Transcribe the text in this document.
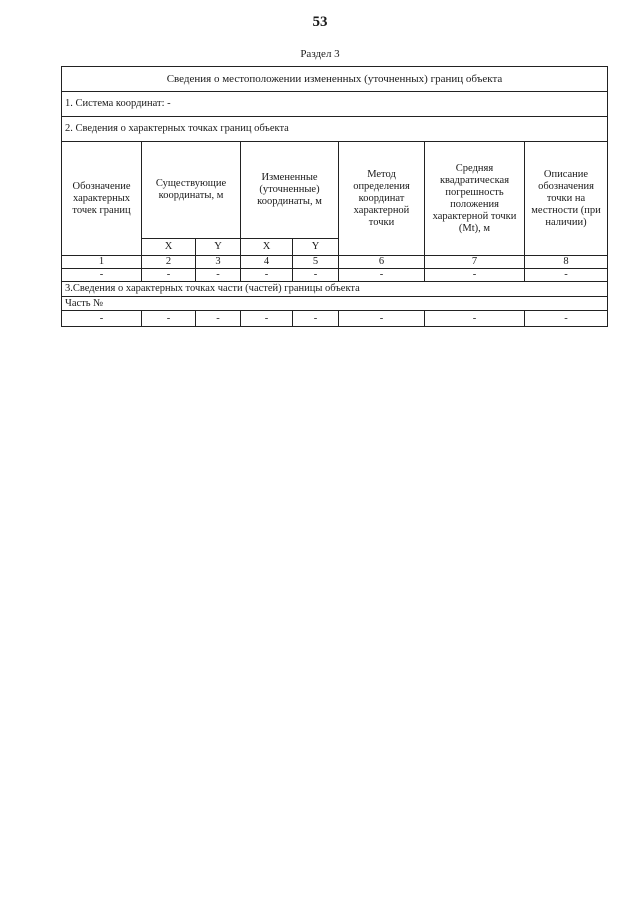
53
Раздел 3
Сведения о местоположении измененных (уточненных) границ объекта							
1. Система координат: -							
2. Сведения о характерных точках границ объекта							
Обозначение характерных точек границ	Существующие координаты, м		Измененные (уточненные) координаты, м		Метод определения координат характерной точки	Средняя квадратическая погрешность положения характерной точки (Mt), м	Описание обозначения точки на местности (при наличии)
	X	Y	X	Y			
1	2	3	4	5	6	7	8
-	-	-	-	-	-	-	-
3.Сведения о характерных точках части (частей) границы объекта							
Часть №							
-	-	-	-	-	-	-	-
